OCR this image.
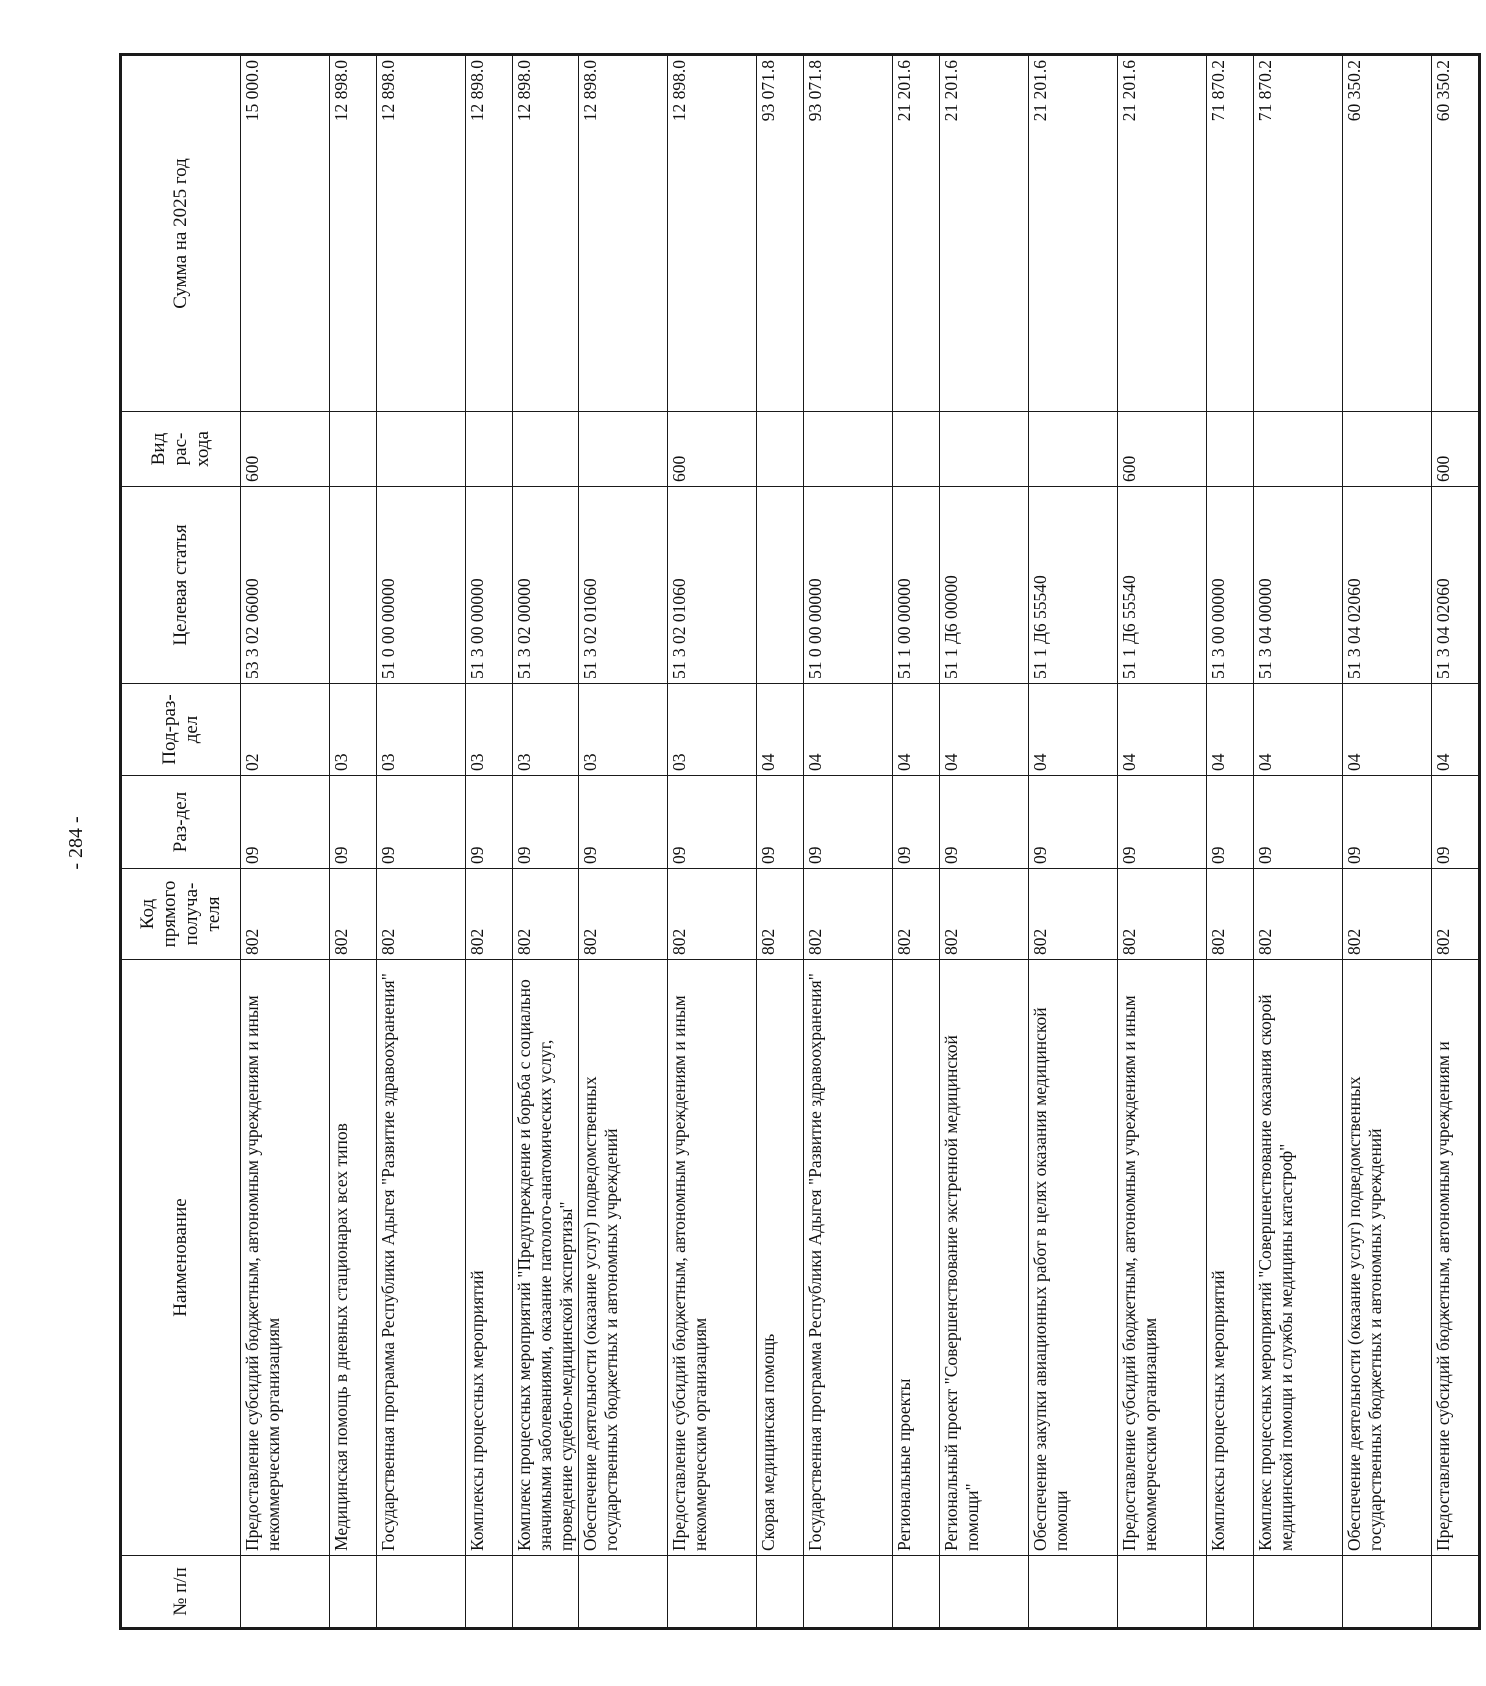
- 284 -
№ п/п	Наименование	Код прямого получа-теля	Раз-дел	Под-раз-дел	Целевая статья	Вид рас-хода	Сумма на 2025 год
	Предоставление субсидий бюджетным, автономным учреждениям и иным некоммерческим организациям	802	09	02	53 3 02 06000	600	15 000.0
	Медицинская помощь в дневных стационарах всех типов	802	09	03			12 898.0
	Государственная программа Республики Адыгея "Развитие здравоохранения"	802	09	03	51 0 00 00000		12 898.0
	Комплексы процессных мероприятий	802	09	03	51 3 00 00000		12 898.0
	Комплекс процессных мероприятий "Предупреждение и борьба с социально значимыми заболеваниями, оказание патолого-анатомических услуг, проведение судебно-медицинской экспертизы"	802	09	03	51 3 02 00000		12 898.0
	Обеспечение деятельности (оказание услуг) подведомственных государственных бюджетных и автономных учреждений	802	09	03	51 3 02 01060		12 898.0
	Предоставление субсидий бюджетным, автономным учреждениям и иным некоммерческим организациям	802	09	03	51 3 02 01060	600	12 898.0
	Скорая медицинская помощь	802	09	04			93 071.8
	Государственная программа Республики Адыгея "Развитие здравоохранения"	802	09	04	51 0 00 00000		93 071.8
	Региональные проекты	802	09	04	51 1 00 00000		21 201.6
	Региональный проект "Совершенствование экстренной медицинской помощи"	802	09	04	51 1 Д6 00000		21 201.6
	Обеспечение закупки авиационных работ в целях оказания медицинской помощи	802	09	04	51 1 Д6 55540		21 201.6
	Предоставление субсидий бюджетным, автономным учреждениям и иным некоммерческим организациям	802	09	04	51 1 Д6 55540	600	21 201.6
	Комплексы процессных мероприятий	802	09	04	51 3 00 00000		71 870.2
	Комплекс процессных мероприятий "Совершенствование оказания скорой медицинской помощи и службы медицины катастроф"	802	09	04	51 3 04 00000		71 870.2
	Обеспечение деятельности (оказание услуг) подведомственных государственных бюджетных и автономных учреждений	802	09	04	51 3 04 02060		60 350.2
	Предоставление субсидий бюджетным, автономным учреждениям и	802	09	04	51 3 04 02060	600	60 350.2
